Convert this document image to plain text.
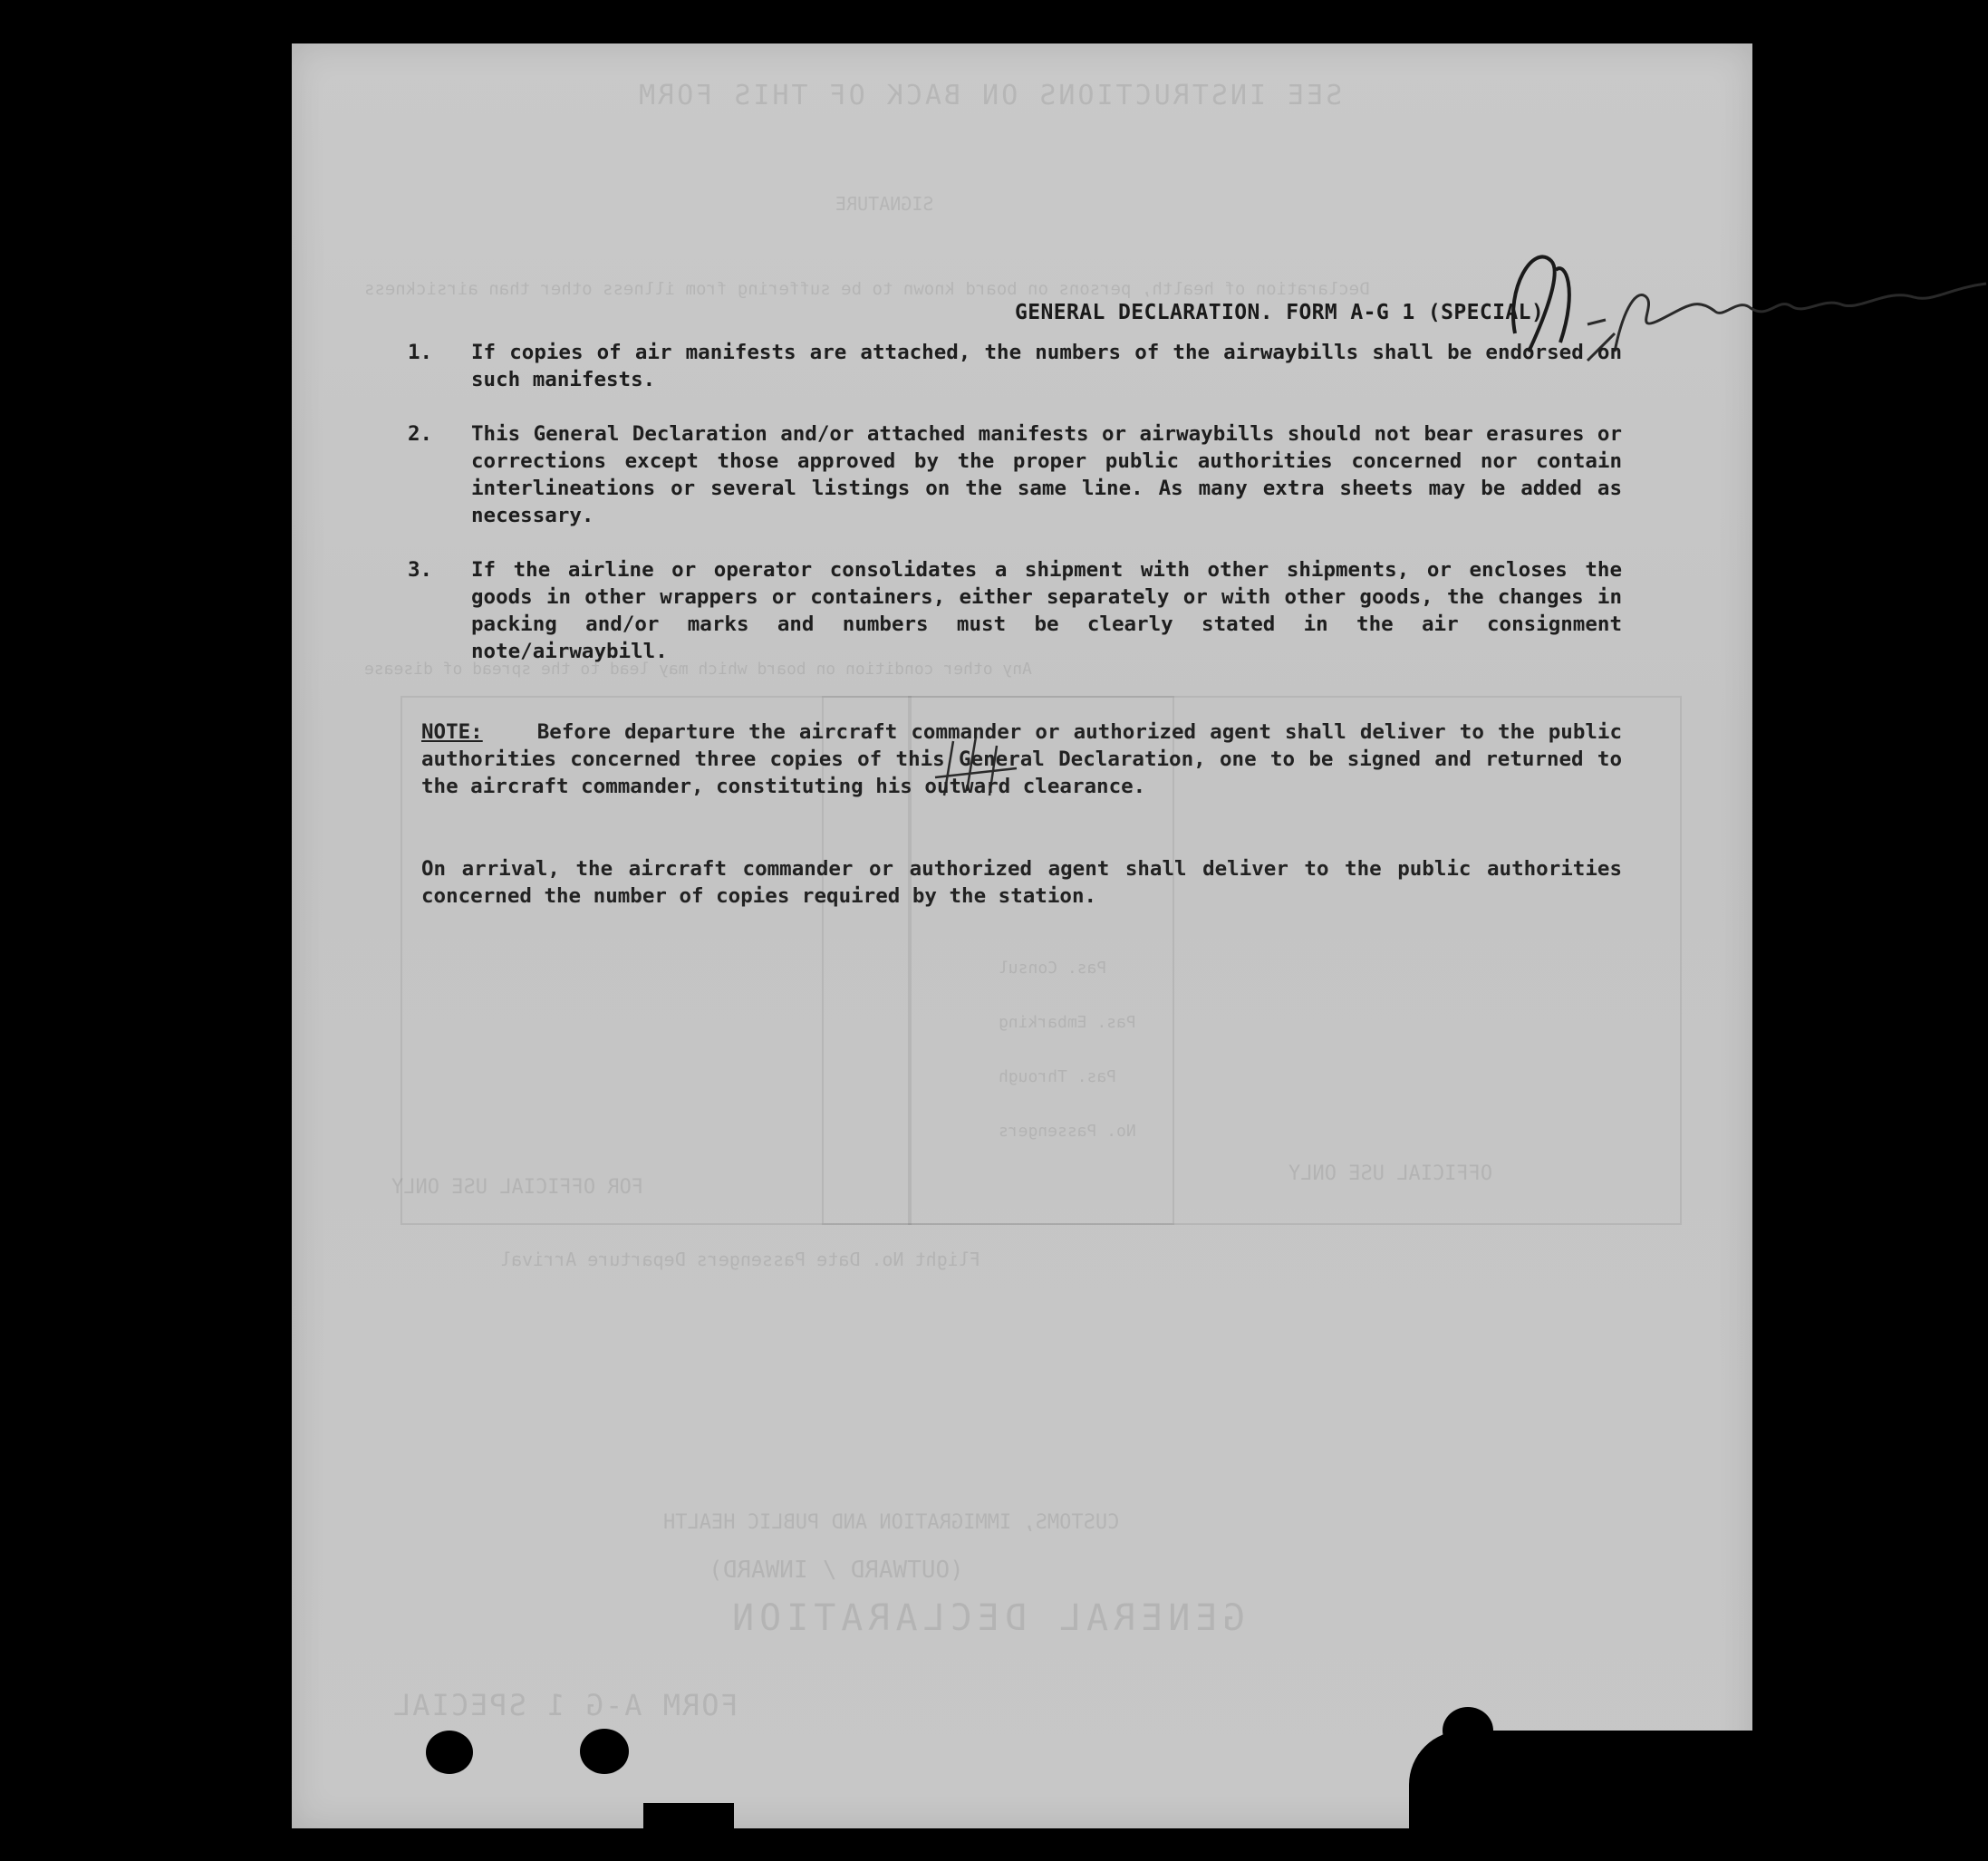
SEE INSTRUCTIONS ON BACK OF THIS FORM
SIGNATURE
Declaration of health, persons on board known to be suffering from illness other than airsickness
Any other condition on board which may lead to the spread of disease
Pas. Consul
Pas. Embarking
Pas. Through
No. Passengers
OFFICIAL USE ONLY
FOR OFFICIAL USE ONLY
Flight No. Date Passengers Departure Arrival
CUSTOMS, IMMIGRATION AND PUBLIC HEALTH
(OUTWARD / INWARD)
GENERAL DECLARATION
FORM A-G 1 SPECIAL
GENERAL DECLARATION. FORM A-G 1 (SPECIAL)
1. If copies of air manifests are attached, the numbers of the airwaybills shall be endorsed on such manifests.
2. This General Declaration and/or attached manifests or airwaybills should not bear erasures or corrections except those approved by the proper public authorities concerned nor contain interlineations or several listings on the same line. As many extra sheets may be added as necessary.
3. If the airline or operator consolidates a shipment with other shipments, or encloses the goods in other wrappers or containers, either separately or with other goods, the changes in packing and/or marks and numbers must be clearly stated in the air consignment note/airwaybill.
NOTE:	Before departure the aircraft commander or authorized agent shall deliver to the public authorities concerned three copies of this General Declaration, one to be signed and returned to the aircraft commander, constituting his outward clearance.
On arrival, the aircraft commander or authorized agent shall deliver to the public authorities concerned the number of copies required by the station.
